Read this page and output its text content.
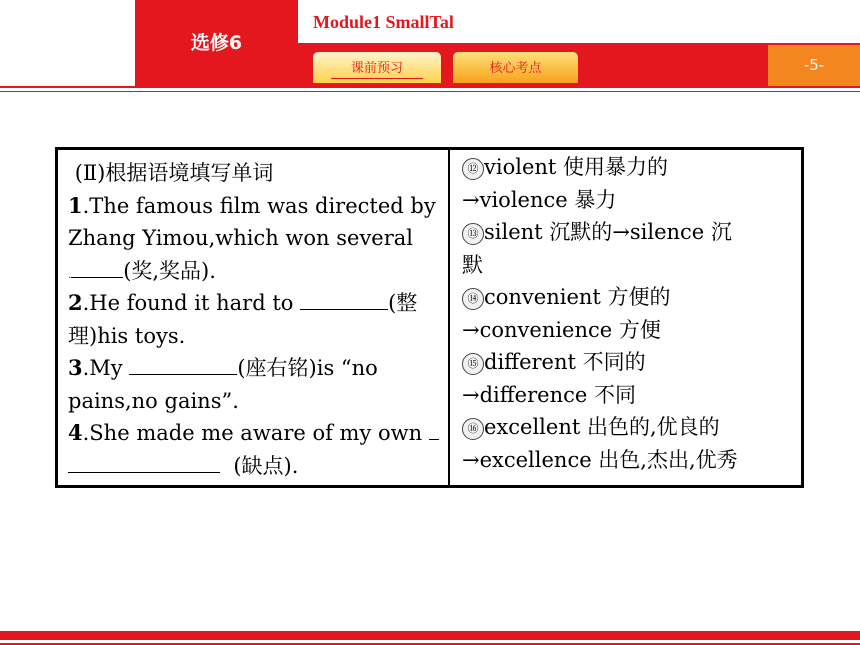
选修6
Module1 SmallTal
课前预习	核心考点	-5-
(Ⅱ)根据语境填写单词
1.The famous film was directed by
Zhang Yimou,which won several
. (奖,奖品).
2.He found it hard to	(整
理)his toys.
3.My	(座右铭)is “no
pains,no gains”.
4.She made me aware of my own
(缺点).
⑫ violent 使用暴力的
→violence 暴力
⑬ silent 沉默的→silence 沉
默
⑭ convenient 方便的
→convenience 方便
⑮ different 不同的
→difference 不同
⑯ excellent 出色的,优良的
→excellence 出色,杰出,优秀
